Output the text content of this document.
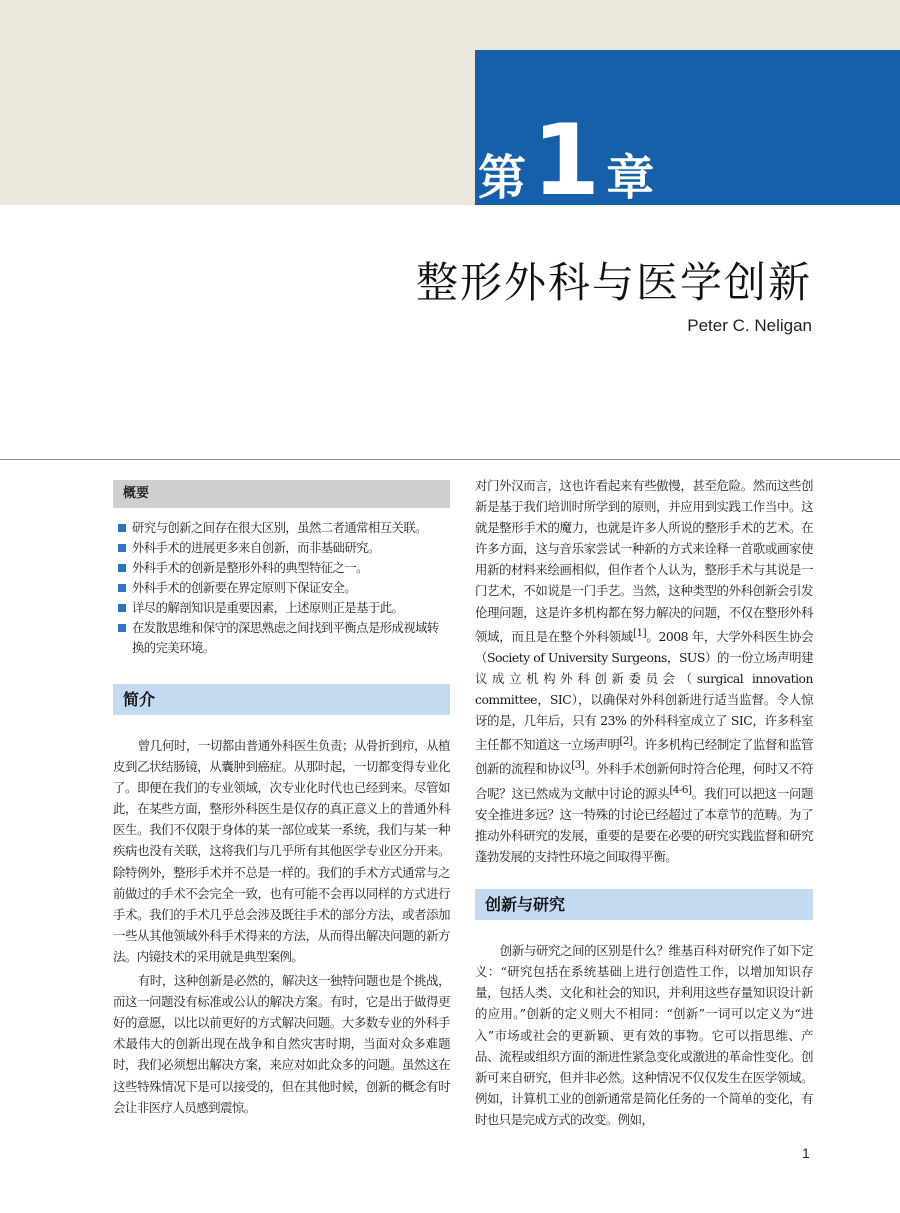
第1 章
整形外科与医学创新
Peter C. Neligan
概要
研究与创新之间存在很大区别，虽然二者通常相互关联。
外科手术的进展更多来自创新，而非基础研究。
外科手术的创新是整形外科的典型特征之一。
外科手术的创新要在界定原则下保证安全。
详尽的解剖知识是重要因素，上述原则正是基于此。
在发散思维和保守的深思熟虑之间找到平衡点是形成视域转换的完美环境。
简介

曾几何时，一切都由普通外科医生负责；从骨折到疖，从植皮到乙状结肠镜，从囊肿到癌症。从那时起，一切都变得专业化了。即便在我们的专业领域，次专业化时代也已经到来。尽管如此，在某些方面，整形外科医生是仅存的真正意义上的普通外科医生。我们不仅限于身体的某一部位或某一系统，我们与某一种疾病也没有关联，这将我们与几乎所有其他医学专业区分开来。除特例外，整形手术并不总是一样的。我们的手术方式通常与之前做过的手术不会完全一致，也有可能不会再以同样的方式进行手术。我们的手术几乎总会涉及既往手术的部分方法，或者添加一些从其他领域外科手术得来的方法，从而得出解决问题的新方法。内镜技术的采用就是典型案例。

有时，这种创新是必然的，解决这一独特问题也是个挑战，而这一问题没有标准或公认的解决方案。有时，它是出于做得更好的意愿，以比以前更好的方式解决问题。大多数专业的外科手术最伟大的创新出现在战争和自然灾害时期，当面对众多难题时，我们必须想出解决方案，来应对如此众多的问题。虽然这在这些特殊情况下是可以接受的，但在其他时候，创新的概念有时会让非医疗人员感到震惊。

对门外汉而言，这也许看起来有些傲慢，甚至危险。然而这些创新是基于我们培训时所学到的原则，并应用到实践工作当中。这就是整形手术的魔力，也就是许多人所说的整形手术的艺术。在许多方面，这与音乐家尝试一种新的方式来诠释一首歌或画家使用新的材料来绘画相似，但作者个人认为，整形手术与其说是一门艺术，不如说是一门手艺。当然，这种类型的外科创新会引发伦理问题，这是许多机构都在努力解决的问题，不仅在整形外科领域，而且是在整个外科领域[1]。2008 年，大学外科医生协会（Society of University Surgeons，SUS）的一份立场声明建议成立机构外科创新委员会（surgical innovation committee，SIC），以确保对外科创新进行适当监督。令人惊讶的是，几年后，只有 23% 的外科科室成立了 SIC，许多科室主任都不知道这一立场声明[2]。许多机构已经制定了监督和监管创新的流程和协议[3]。外科手术创新何时符合伦理，何时又不符合呢？这已然成为文献中讨论的源头[4-6]。我们可以把这一问题安全推进多远？这一特殊的讨论已经超过了本章节的范畴。为了推动外科研究的发展，重要的是要在必要的研究实践监督和研究蓬勃发展的支持性环境之间取得平衡。

创新与研究

创新与研究之间的区别是什么？维基百科对研究作了如下定义：“研究包括在系统基础上进行创造性工作，以增加知识存量，包括人类、文化和社会的知识，并利用这些存量知识设计新的应用。”创新的定义则大不相同：“创新”一词可以定义为“进入”市场或社会的更新颖、更有效的事物。它可以指思维、产品、流程或组织方面的渐进性紧急变化或激进的革命性变化。创新可来自研究，但并非必然。这种情况不仅仅发生在医学领域。例如，计算机工业的创新通常是简化任务的一个简单的变化，有时也只是完成方式的改变。例如，

1
